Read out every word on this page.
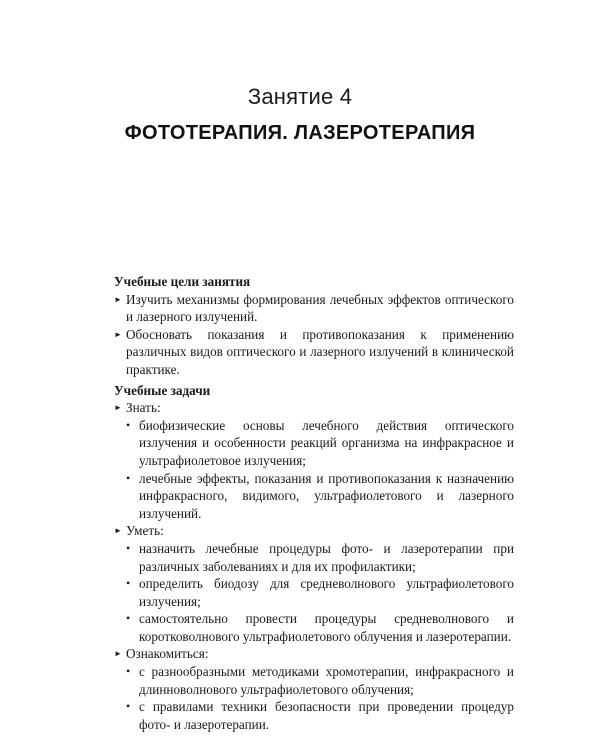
Занятие 4
ФОТОТЕРАПИЯ. ЛАЗЕРОТЕРАПИЯ
Учебные цели занятия
► Изучить механизмы формирования лечебных эффектов оптического и лазерного излучений.
► Обосновать показания и противопоказания к применению различных видов оптического и лазерного излучений в клинической практике.
Учебные задачи
► Знать:
• биофизические основы лечебного действия оптического излучения и особенности реакций организма на инфракрасное и ультрафиолетовое излучения;
• лечебные эффекты, показания и противопоказания к назначению инфракрасного, видимого, ультрафиолетового и лазерного излучений.
► Уметь:
• назначить лечебные процедуры фото- и лазеротерапии при различных заболеваниях и для их профилактики;
• определить биодозу для средневолнового ультрафиолетового излучения;
• самостоятельно провести процедуры средневолнового и коротковолнового ультрафиолетового облучения и лазеротерапии.
► Ознакомиться:
• с разнообразными методиками хромотерапии, инфракрасного и длинноволнового ультрафиолетового облучения;
• с правилами техники безопасности при проведении процедур фото- и лазеротерапии.
